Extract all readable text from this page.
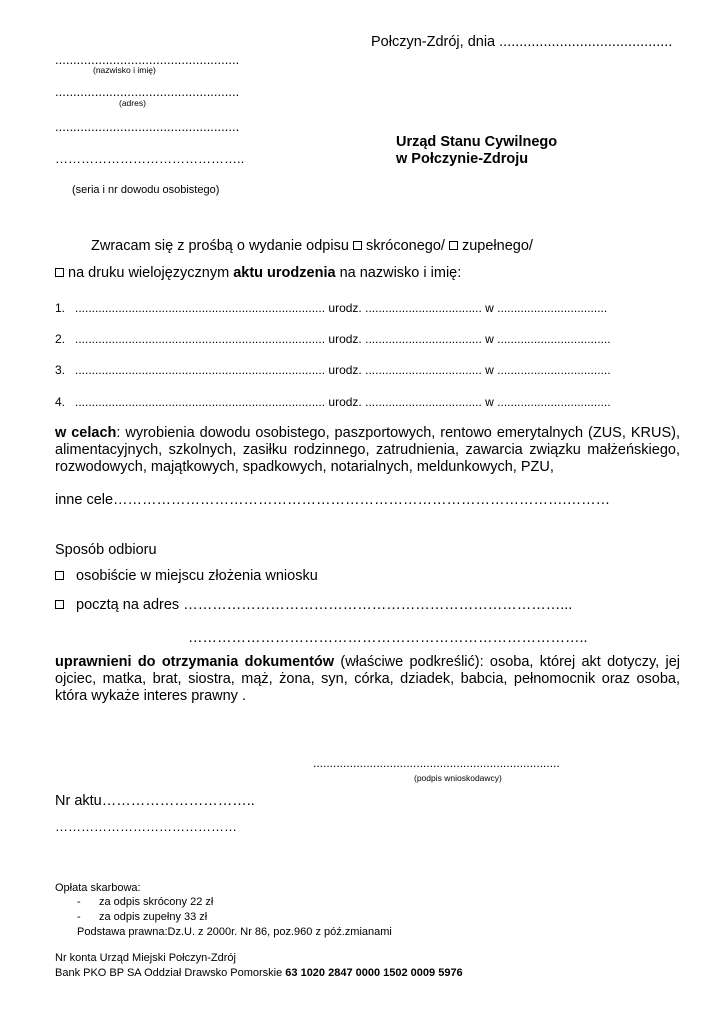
Połczyn-Zdrój, dnia ...........................................
...................................................
(nazwisko i imię)
...................................................
(adres)
...................................................
……………………………………..
(seria i nr dowodu osobistego)
Urząd Stanu Cywilnego
w Połczynie-Zdroju
Zwracam się z prośbą o wydanie odpisu skróconego/ zupełnego/
na druku wielojęzycznym aktu urodzenia na nazwisko i imię:
1. ........................................................................... urodz. ................................... w .................................
2. ........................................................................... urodz. ................................... w ..................................
3. ........................................................................... urodz. ................................... w ..................................
4. ........................................................................... urodz. ................................... w ..................................
w celach: wyrobienia dowodu osobistego, paszportowych, rentowo emerytalnych (ZUS, KRUS), alimentacyjnych, szkolnych, zasiłku rodzinnego, zatrudnienia, zawarcia związku małżeńskiego, rozwodowych, majątkowych, spadkowych, notarialnych, meldunkowych, PZU,
inne cele………………………………………………………………………………….………
Sposób odbioru
osobiście w miejscu złożenia wniosku
pocztą na adres ……………………………………………………………………...
………………………………………………………………………..
uprawnieni do otrzymania dokumentów (właściwe podkreślić): osoba, której akt dotyczy, jej ojciec, matka, brat, siostra, mąż, żona, syn, córka, dziadek, babcia, pełnomocnik oraz osoba, która wykaże interes prawny .
..........................................................................
(podpis wnioskodawcy)
Nr aktu…………………………..
……………………………………
Opłata skarbowa:
- za odpis skrócony 22 zł
- za odpis zupełny 33 zł
Podstawa prawna:Dz.U. z 2000r. Nr 86, poz.960 z póź.zmianami
Nr konta Urząd Miejski Połczyn-Zdrój
Bank PKO BP SA Oddział Drawsko Pomorskie 63 1020 2847 0000 1502 0009 5976
